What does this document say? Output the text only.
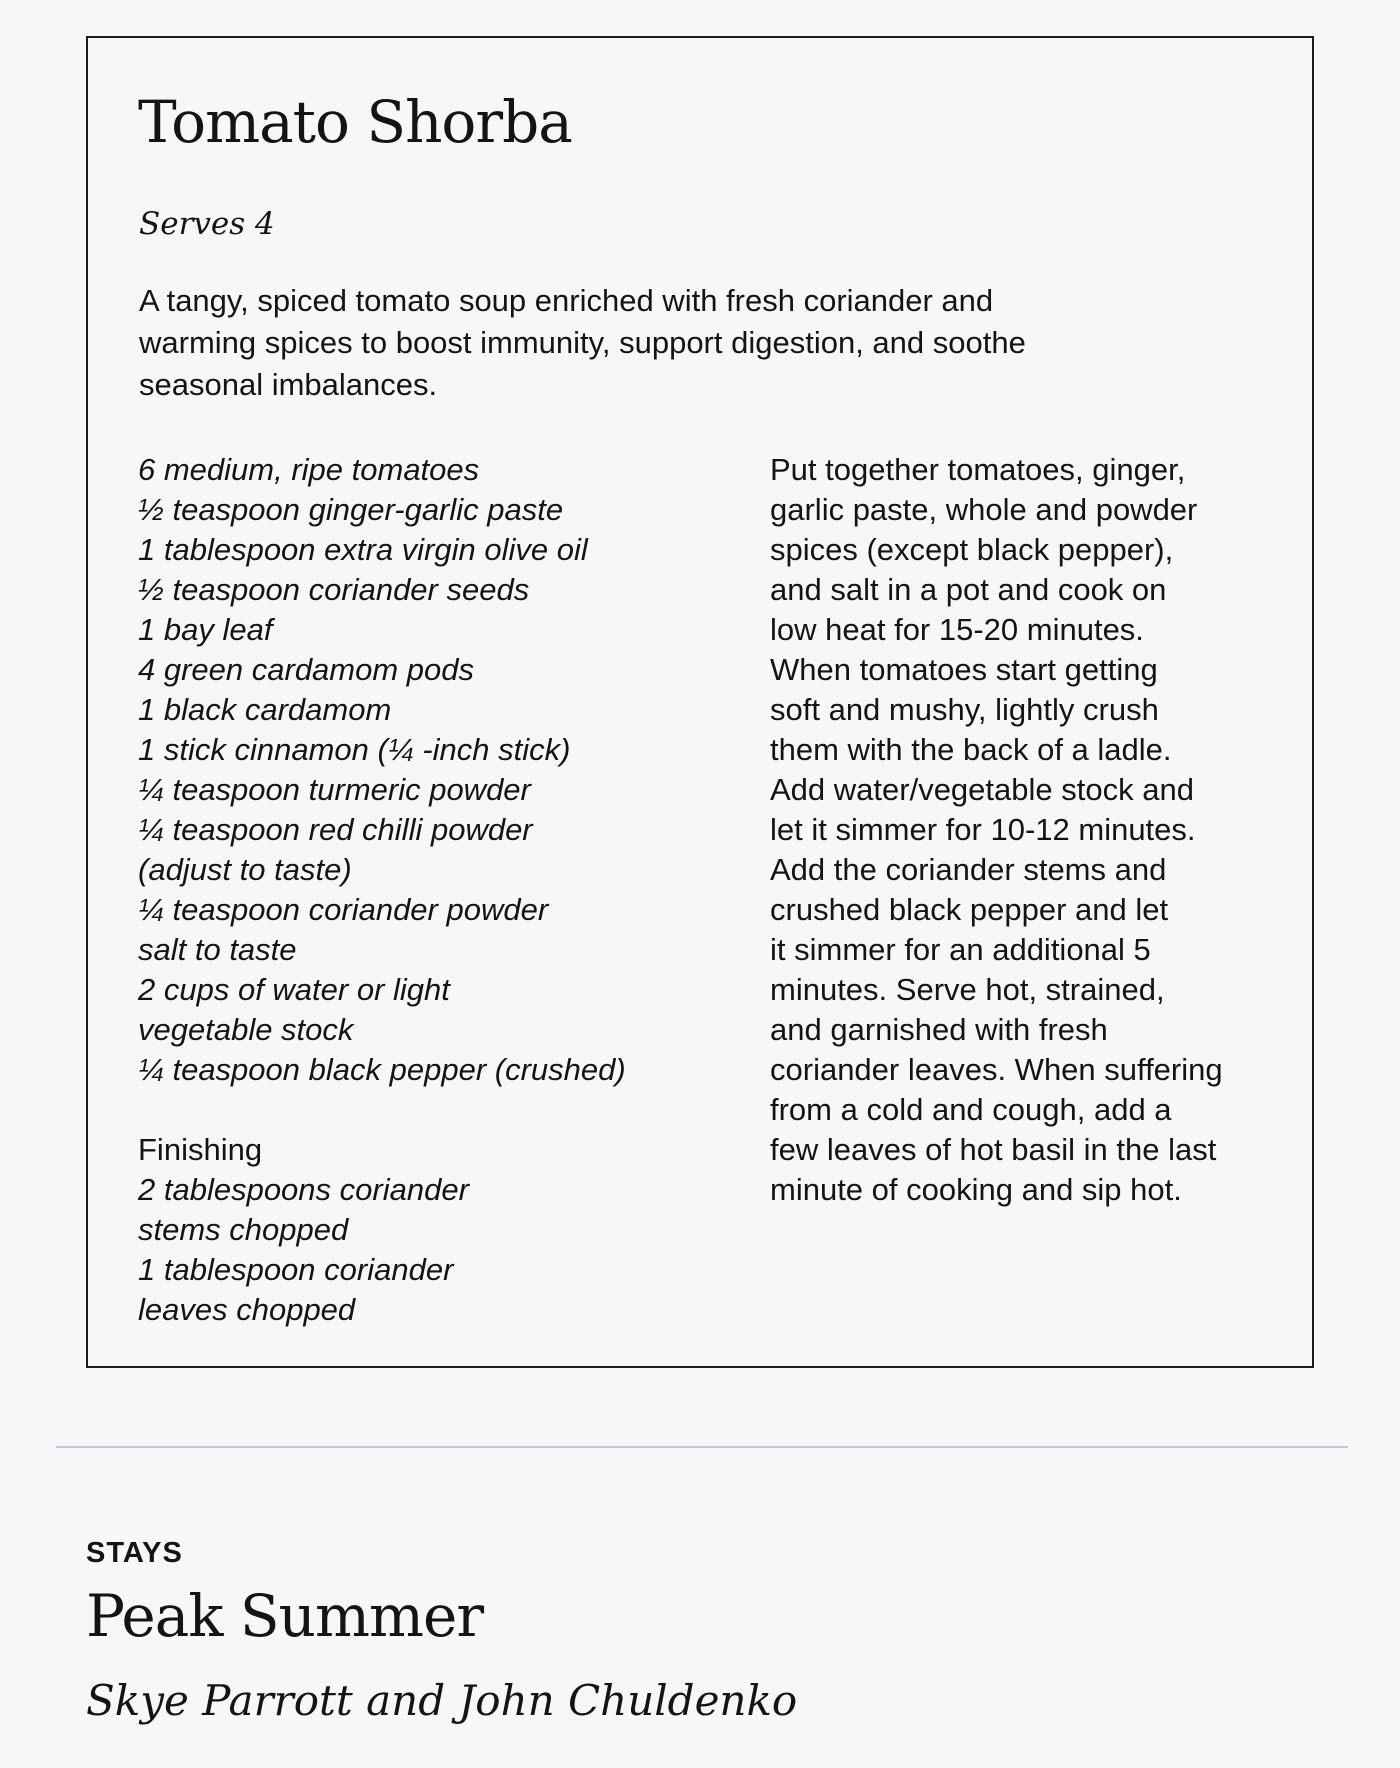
Tomato Shorba

Serves 4

A tangy, spiced tomato soup enriched with fresh coriander and
warming spices to boost immunity, support digestion, and soothe
seasonal imbalances.

6 medium, ripe tomatoes
½ teaspoon ginger-garlic paste
1 tablespoon extra virgin olive oil
½ teaspoon coriander seeds
1 bay leaf
4 green cardamom pods
1 black cardamom
1 stick cinnamon (¼ -inch stick)
¼ teaspoon turmeric powder
¼ teaspoon red chilli powder
(adjust to taste)
¼ teaspoon coriander powder
salt to taste
2 cups of water or light
vegetable stock
¼ teaspoon black pepper (crushed)
Finishing
2 tablespoons coriander
stems chopped
1 tablespoon coriander
leaves chopped

Put together tomatoes, ginger,
garlic paste, whole and powder
spices (except black pepper),
and salt in a pot and cook on
low heat for 15-20 minutes.
When tomatoes start getting
soft and mushy, lightly crush
them with the back of a ladle.
Add water/vegetable stock and
let it simmer for 10-12 minutes.
Add the coriander stems and
crushed black pepper and let
it simmer for an additional 5
minutes. Serve hot, strained,
and garnished with fresh
coriander leaves. When suffering
from a cold and cough, add a
few leaves of hot basil in the last
minute of cooking and sip hot.

STAYS

Peak Summer

Skye Parrott and John Chuldenko
